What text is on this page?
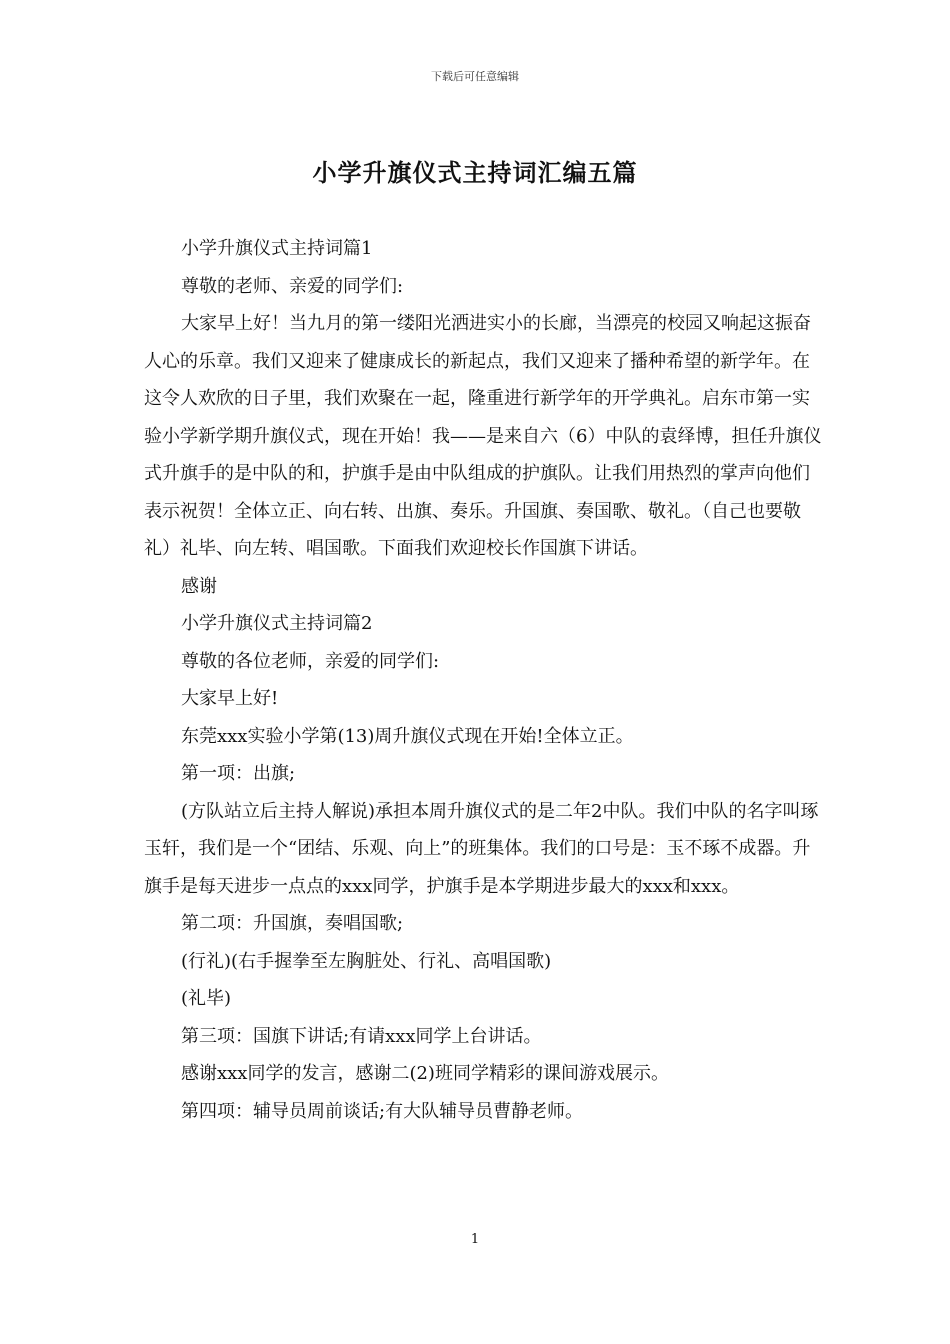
下载后可任意编辑
小学升旗仪式主持词汇编五篇

小学升旗仪式主持词篇1

尊敬的老师、亲爱的同学们:

大家早上好！当九月的第一缕阳光洒进实小的长廊，当漂亮的校园又响起这振奋人心的乐章。我们又迎来了健康成长的新起点，我们又迎来了播种希望的新学年。在这令人欢欣的日子里，我们欢聚在一起，隆重进行新学年的开学典礼。启东市第一实验小学新学期升旗仪式，现在开始！我——是来自六（6）中队的袁绎博，担任升旗仪式升旗手的是中队的和，护旗手是由中队组成的护旗队。让我们用热烈的掌声向他们表示祝贺！全体立正、向右转、出旗、奏乐。升国旗、奏国歌、敬礼。（自己也要敬礼）礼毕、向左转、唱国歌。下面我们欢迎校长作国旗下讲话。

感谢

小学升旗仪式主持词篇2

尊敬的各位老师，亲爱的同学们:

大家早上好!

东莞xxx实验小学第(13)周升旗仪式现在开始!全体立正。

第一项：出旗;

(方队站立后主持人解说)承担本周升旗仪式的是二年2中队。我们中队的名字叫琢玉轩，我们是一个“团结、乐观、向上”的班集体。我们的口号是：玉不琢不成器。升旗手是每天进步一点点的xxx同学，护旗手是本学期进步最大的xxx和xxx。

第二项：升国旗，奏唱国歌;

(行礼)(右手握拳至左胸脏处、行礼、高唱国歌)

(礼毕)

第三项：国旗下讲话;有请xxx同学上台讲话。

感谢xxx同学的发言，感谢二(2)班同学精彩的课间游戏展示。

第四项：辅导员周前谈话;有大队辅导员曹静老师。

1
